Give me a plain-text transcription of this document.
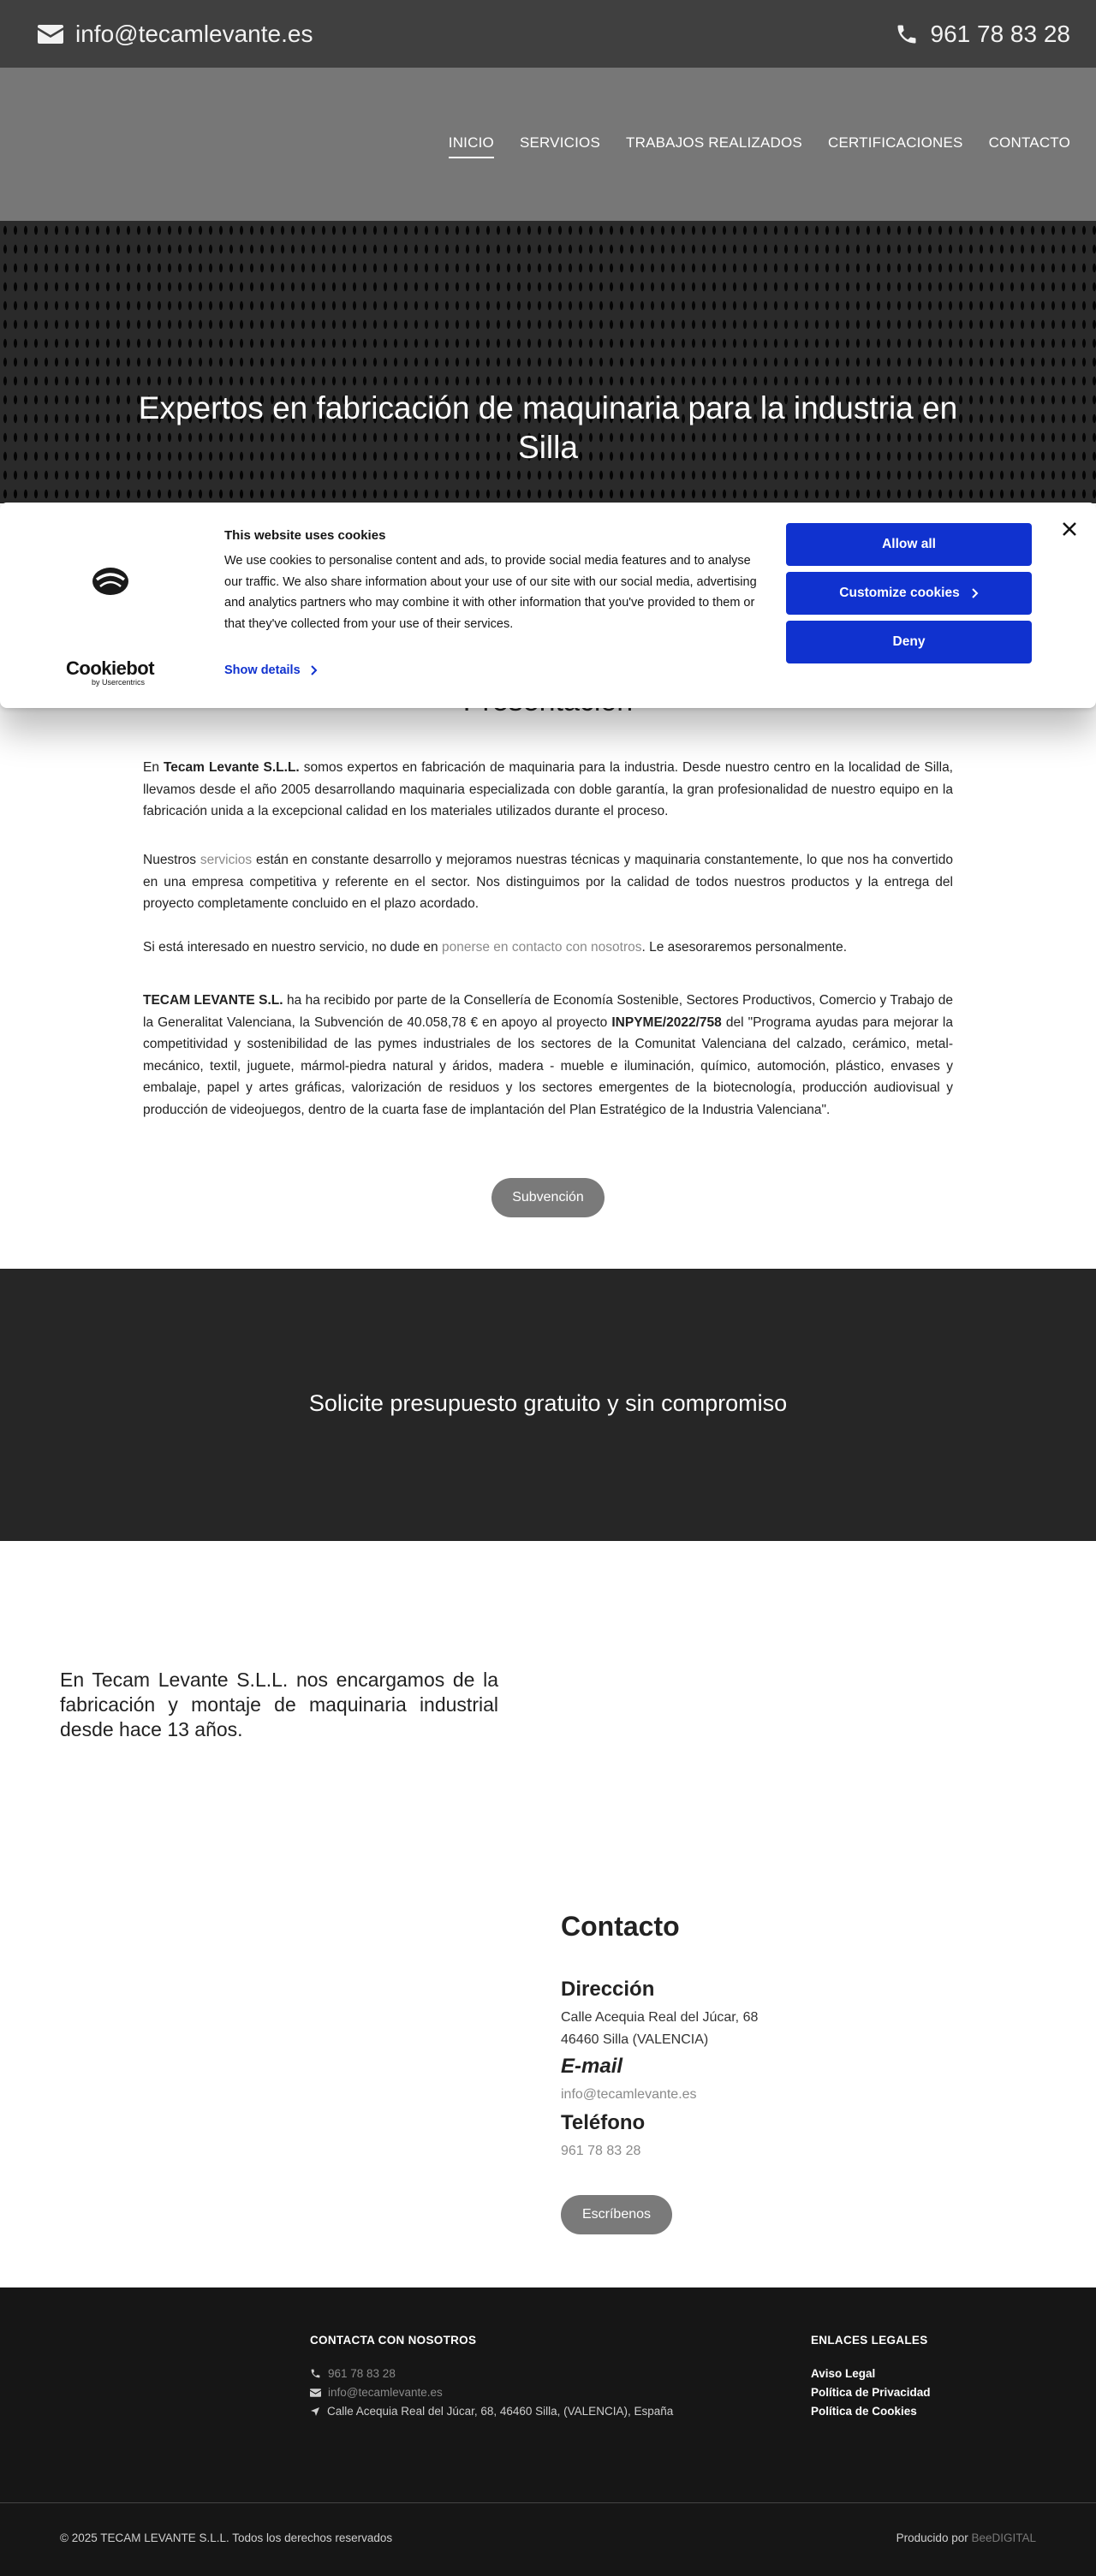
info@tecamlevante.es	961 78 83 28
INICIO SERVICIOS TRABAJOS REALIZADOS CERTIFICACIONES CONTACTO
Expertos en fabricación de maquinaria para la industria en Silla

En Tecam Levante S.L.L. somos expertos en fabricación de maquinaria para la industria. Desde nuestro centro en la localidad de Silla, llevamos desde el año 2005 desarrollando maquinaria especializada con doble garantía, la gran profesionalidad de nuestro equipo en la fabricación unida a la excepcional calidad en los materiales utilizados durante el proceso.

Nuestros servicios están en constante desarrollo y mejoramos nuestras técnicas y maquinaria constantemente, lo que nos ha convertido en una empresa competitiva y referente en el sector. Nos distinguimos por la calidad de todos nuestros productos y la entrega del proyecto completamente concluido en el plazo acordado.

Si está interesado en nuestro servicio, no dude en ponerse en contacto con nosotros. Le asesoraremos personalmente.

TECAM LEVANTE S.L. ha ha recibido por parte de la Consellería de Economía Sostenible, Sectores Productivos, Comercio y Trabajo de la Generalitat Valenciana, la Subvención de 40.058,78 € en apoyo al proyecto INPYME/2022/758 del "Programa ayudas para mejorar la competitividad y sostenibilidad de las pymes industriales de los sectores de la Comunitat Valenciana del calzado, cerámico, metal-mecánico, textil, juguete, mármol-piedra natural y áridos, madera - mueble e iluminación, químico, automoción, plástico, envases y embalaje, papel y artes gráficas, valorización de residuos y los sectores emergentes de la biotecnología, producción audiovisual y producción de videojuegos, dentro de la cuarta fase de implantación del Plan Estratégico de la Industria Valenciana".

Subvención
Solicite presupuesto gratuito y sin compromiso

En Tecam Levante S.L.L. nos encargamos de la fabricación y montaje de maquinaria industrial desde hace 13 años.

Contacto
Dirección
Calle Acequia Real del Júcar, 68
46460 Silla (VALENCIA)
E-mail
info@tecamlevante.es
Teléfono
961 78 83 28
Escríbenos
CONTACTA CON NOSOTROS
961 78 83 28
info@tecamlevante.es
Calle Acequia Real del Júcar, 68, 46460 Silla, (VALENCIA), España
ENLACES LEGALES
Aviso Legal
Política de Privacidad
Política de Cookies
© 2025 TECAM LEVANTE S.L.L. Todos los derechos reservados	Producido por BeeDIGITAL
Cookiebot
by Usercentrics
This website uses cookies

We use cookies to personalise content and ads, to provide social media features and to analyse our traffic. We also share information about your use of our site with our social media, advertising and analytics partners who may combine it with other information that you've provided to them or that they've collected from your use of their services.

Show details
Allow all
Customize cookies
Deny
